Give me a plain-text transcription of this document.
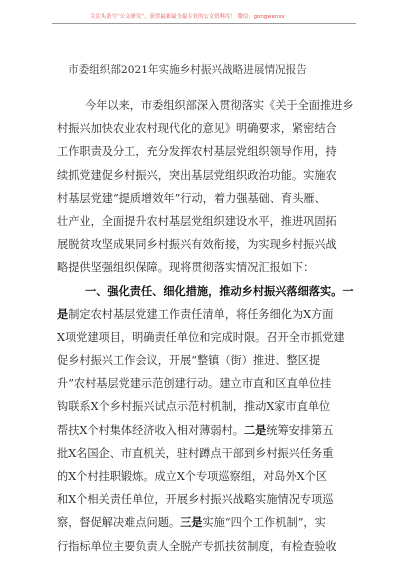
关注头条号“公文研究”，获得最新最全最专业的公文资料库！ 微信：gongwenxx
市委组织部2021年实施乡村振兴战略进展情况报告
今年以来，市委组织部深入贯彻落实《关于全面推进乡
村振兴加快农业农村现代化的意见》明确要求，紧密结合
工作职责及分工，充分发挥农村基层党组织领导作用，持
续抓党建促乡村振兴，突出基层党组织政治功能。实施农
村基层党建“提质增效年”行动，着力强基础、育头雁、
壮产业，全面提升农村基层党组织建设水平，推进巩固拓
展脱贫攻坚成果同乡村振兴有效衔接，为实现乡村振兴战
略提供坚强组织保障。现将贯彻落实情况汇报如下：
一、强化责任、细化措施，推动乡村振兴落细落实。一
是制定农村基层党建工作责任清单，将任务细化为X方面
X项党建项目，明确责任单位和完成时限。召开全市抓党建
促乡村振兴工作会议，开展“整镇（街）推进、整区提
升”农村基层党建示范创建行动。建立市直和区直单位挂
钩联系X个乡村振兴试点示范村机制，推动X家市直单位
帮扶X个村集体经济收入相对薄弱村。二是统筹安排第五
批X名国企、市直机关，驻村蹲点干部到乡村振兴任务重
的X个村挂职锻炼。成立X个专项巡察组，对岛外X个区
和X个相关责任单位，开展乡村振兴战略实施情况专项巡
察，督促解决难点问题。三是实施“四个工作机制”，实
行指标单位主要负责人全脱产专抓扶贫制度，有检查验收
